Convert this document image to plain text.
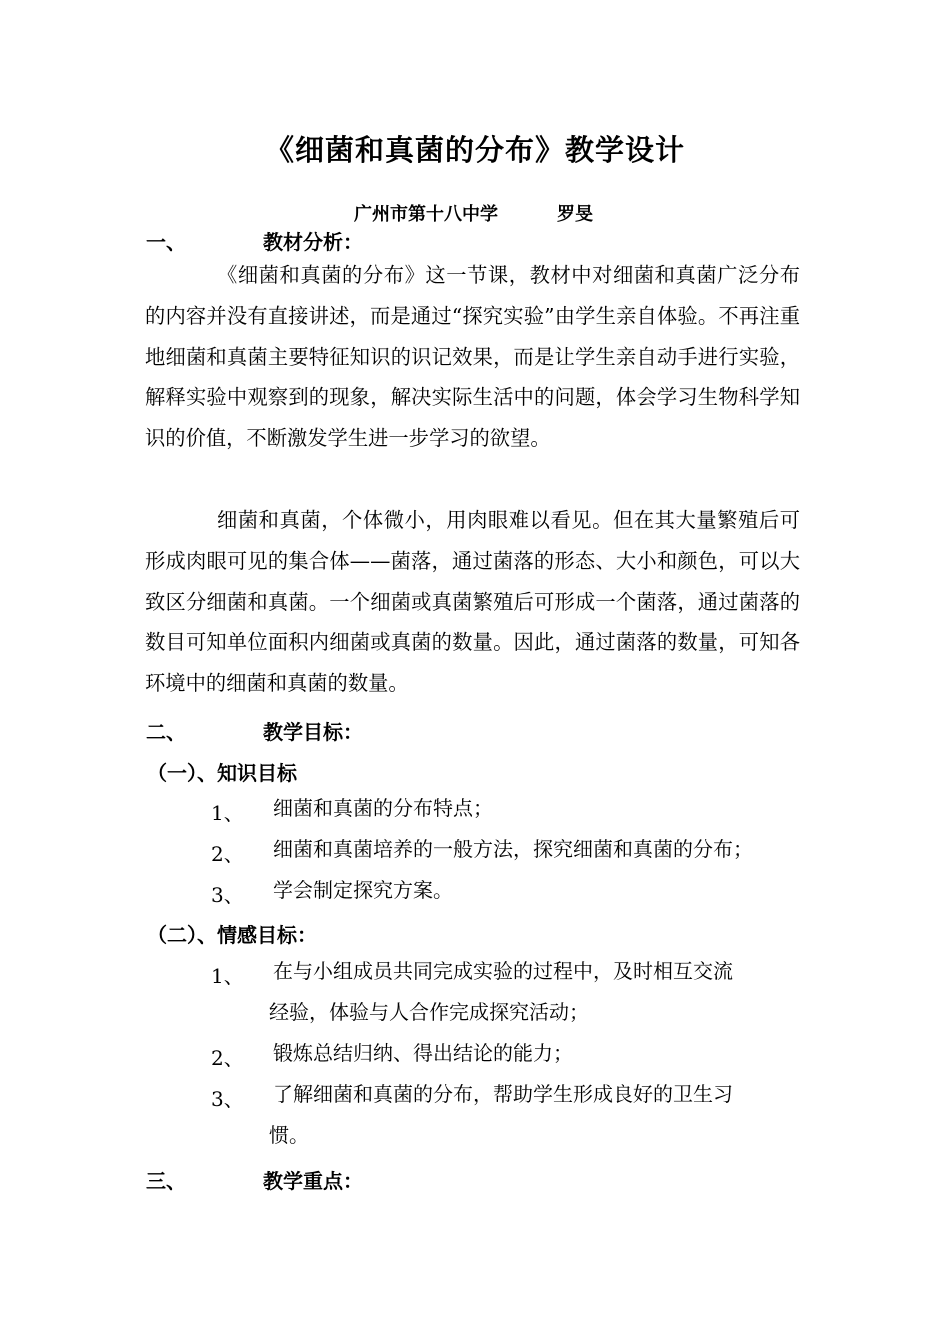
《细菌和真菌的分布》教学设计
广州市第十八中学	罗旻
一、	教材分析：
《细菌和真菌的分布》这一节课，教材中对细菌和真菌广泛分布的内容并没有直接讲述，而是通过“探究实验”由学生亲自体验。不再注重地细菌和真菌主要特征知识的识记效果，而是让学生亲自动手进行实验，解释实验中观察到的现象，解决实际生活中的问题，体会学习生物科学知识的价值，不断激发学生进一步学习的欲望。
细菌和真菌，个体微小，用肉眼难以看见。但在其大量繁殖后可形成肉眼可见的集合体——菌落，通过菌落的形态、大小和颜色，可以大致区分细菌和真菌。一个细菌或真菌繁殖后可形成一个菌落，通过菌落的数目可知单位面积内细菌或真菌的数量。因此，通过菌落的数量，可知各环境中的细菌和真菌的数量。
二、	教学目标：
（一）、知识目标
1、 细菌和真菌的分布特点；
2、 细菌和真菌培养的一般方法，探究细菌和真菌的分布；
3、 学会制定探究方案。
（二）、情感目标：
1、 在与小组成员共同完成实验的过程中，及时相互交流
经验，体验与人合作完成探究活动；
2、 锻炼总结归纳、得出结论的能力；
3、 了解细菌和真菌的分布，帮助学生形成良好的卫生习
惯。
三、	教学重点：
